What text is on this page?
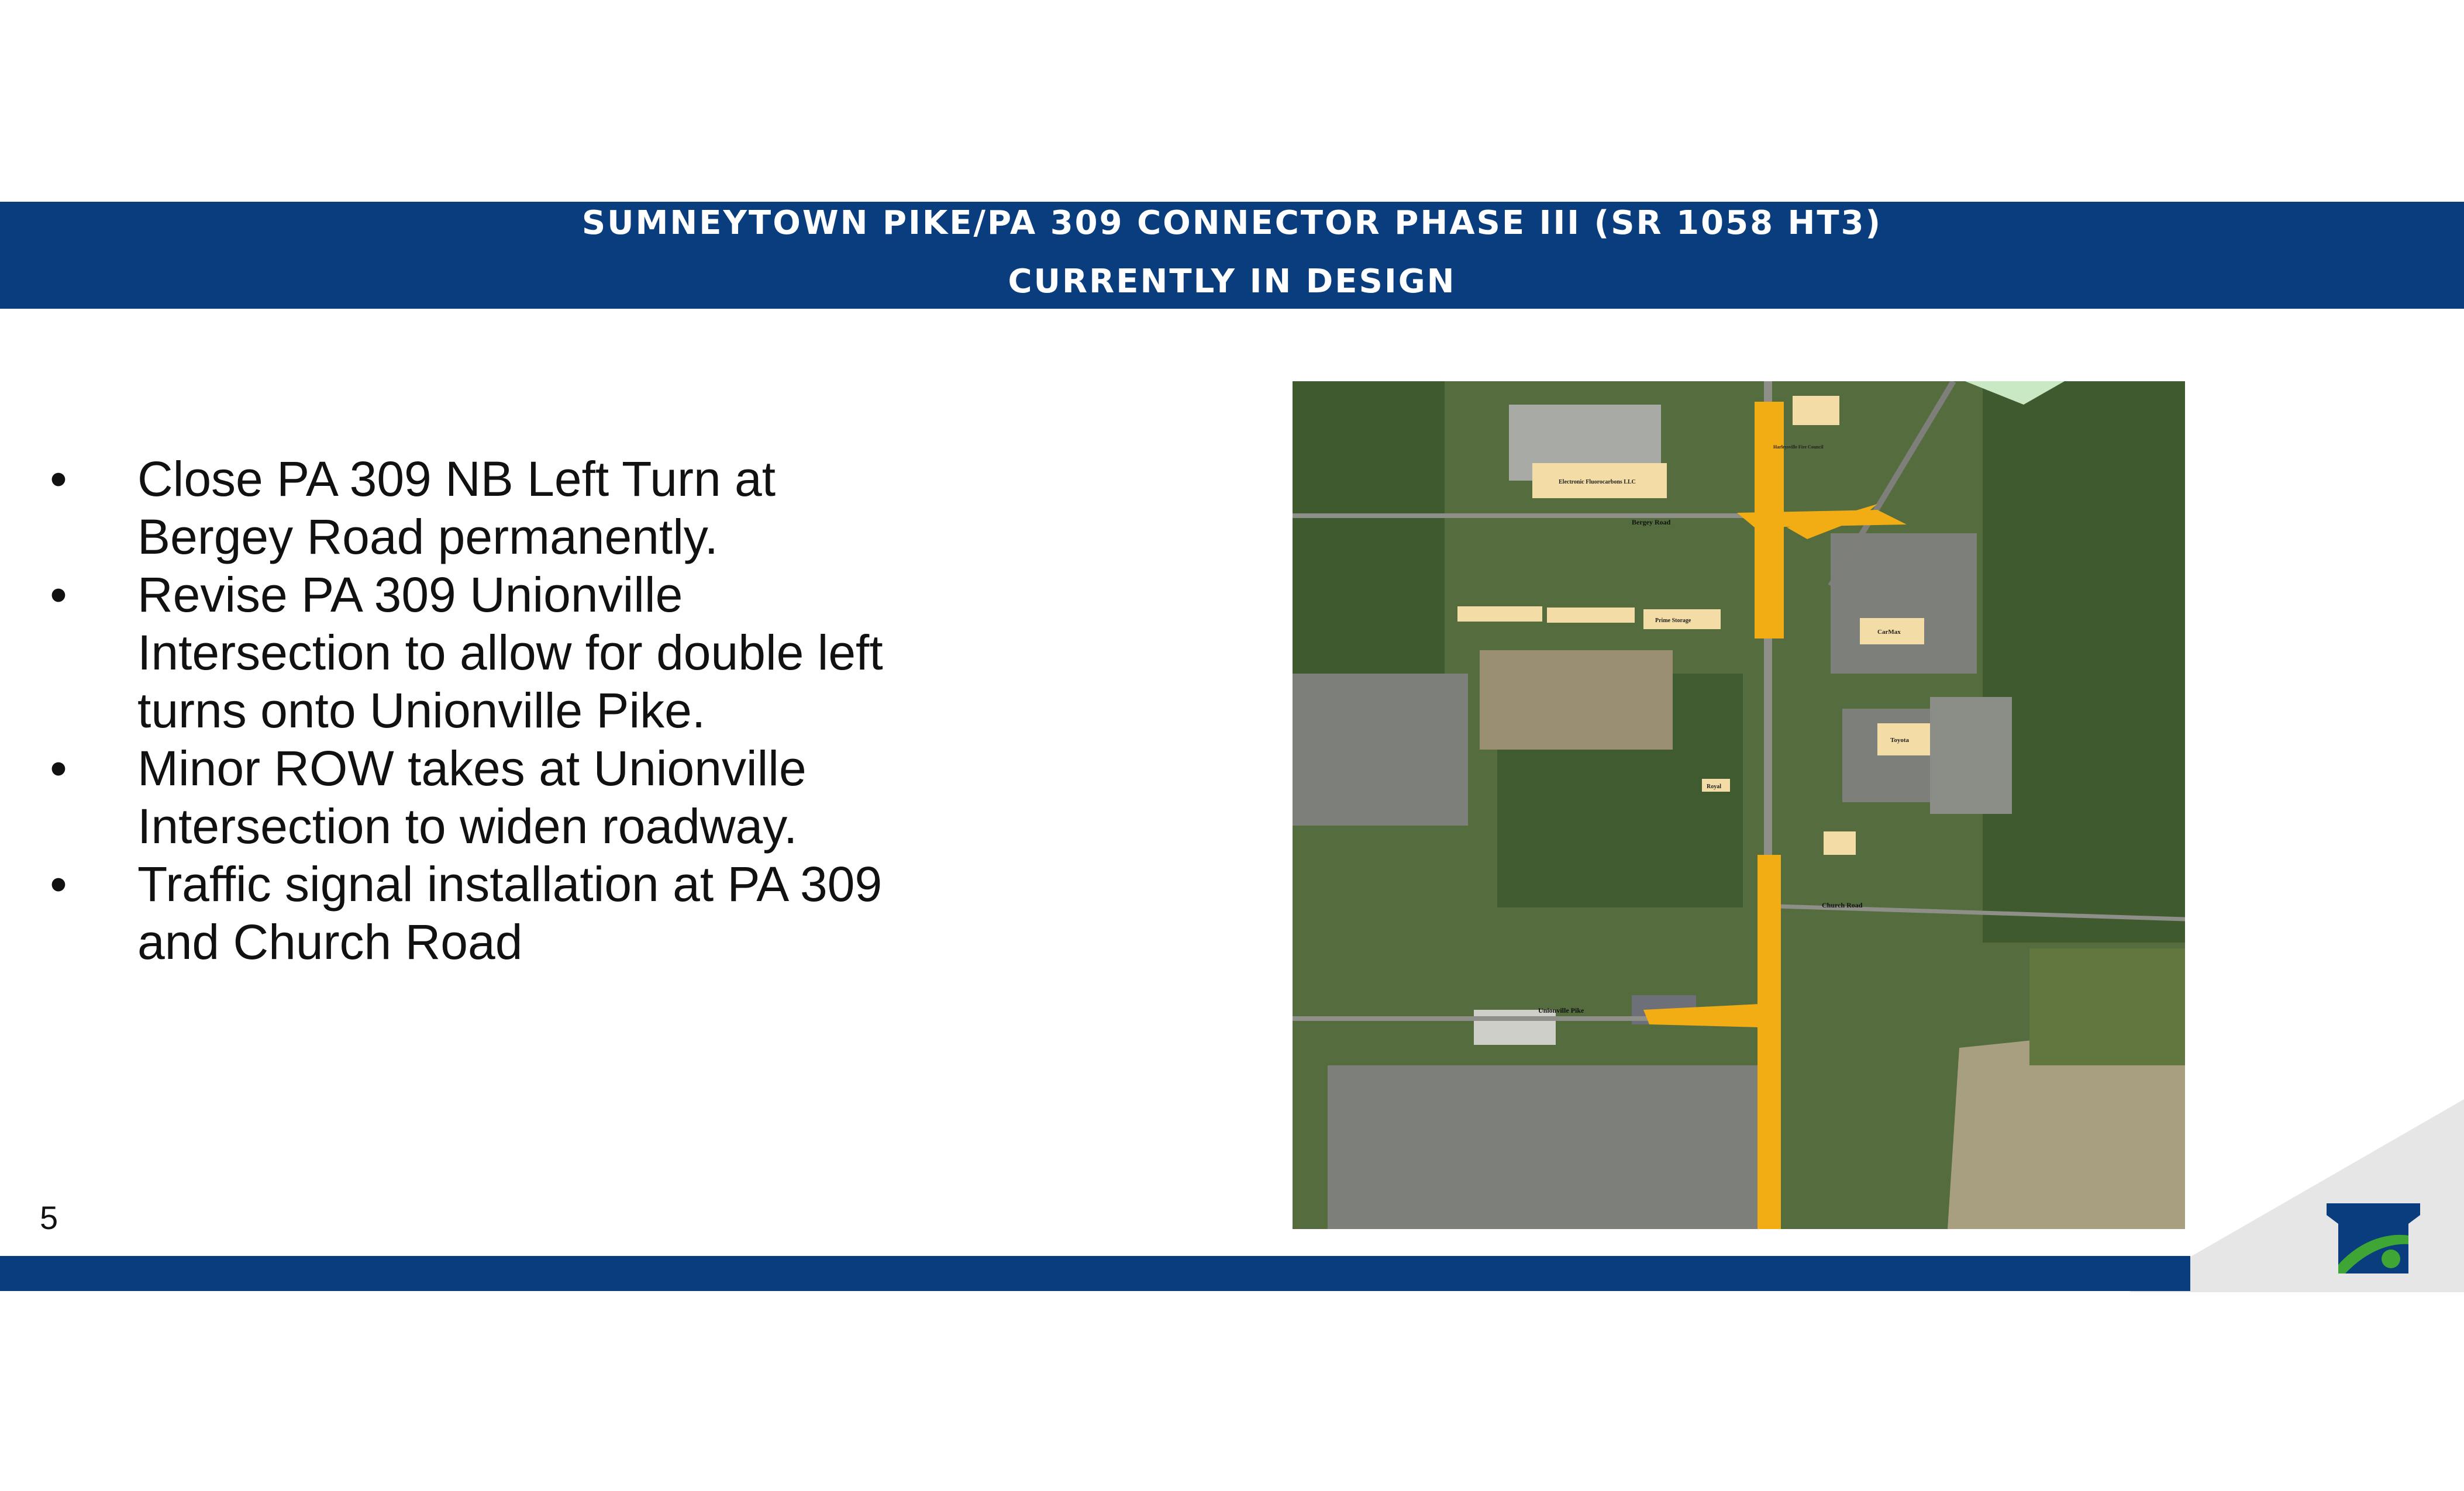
SUMNEYTOWN PIKE/PA 309 CONNECTOR PHASE III (SR 1058 HT3)
CURRENTLY IN DESIGN
• Close PA 309 NB Left Turn at
Bergey Road permanently.
• Revise PA 309 Unionville
Intersection to allow for double left
turns onto Unionville Pike.
• Minor ROW takes at Unionville
Intersection to widen roadway.
• Traffic signal installation at PA 309
and Church Road
Bergey Road
Electronic Fluorocarbons LLC
Prime Storage
CarMax
Toyota
Royal
Harleysville Fire Council
Church Road
Unionville Pike
5
